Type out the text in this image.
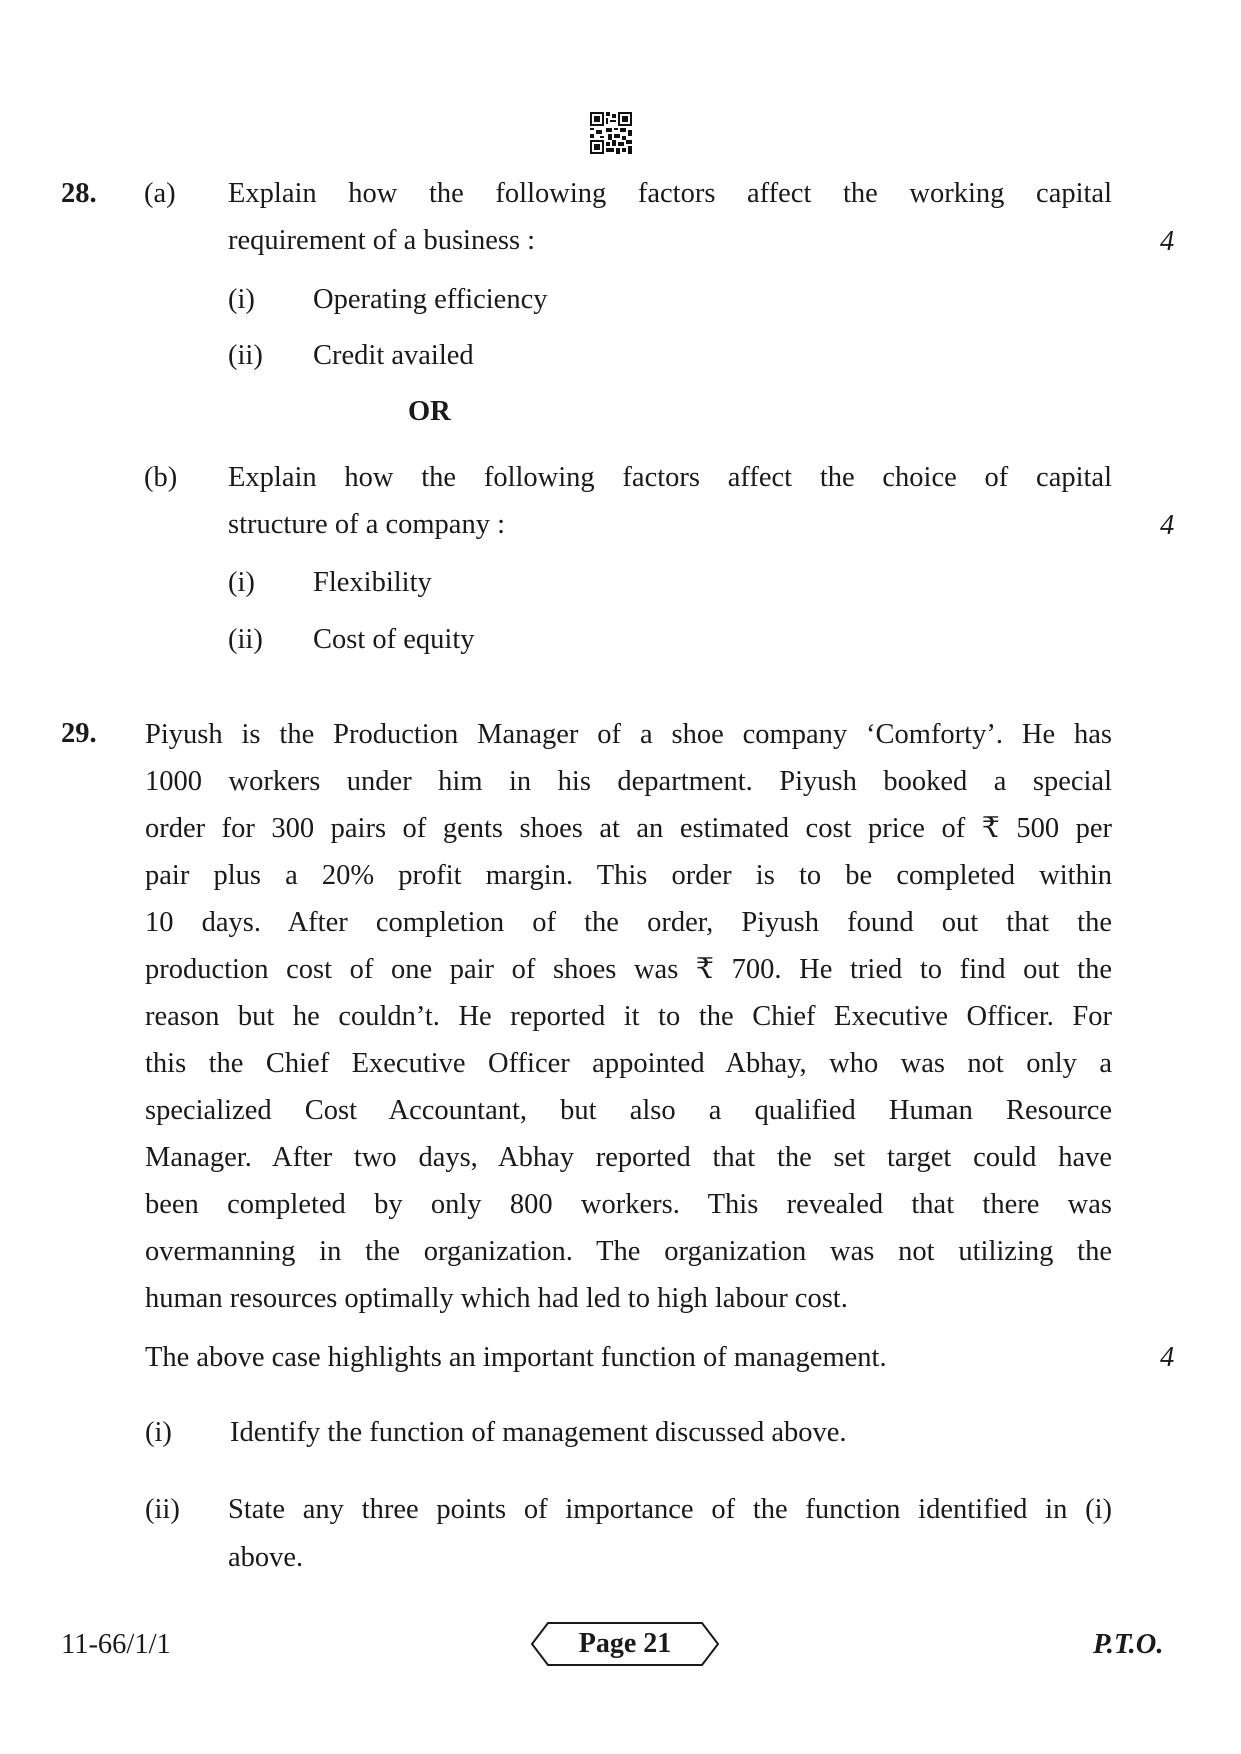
28. (a) Explain how the following factors affect the working capital
requirement of a business :	4
(i) Operating efficiency
(ii) Credit availed
OR
(b) Explain how the following factors affect the choice of capital
structure of a company :	4
(i) Flexibility
(ii) Cost of equity
29. Piyush is the Production Manager of a shoe company ‘Comforty’. He has
1000 workers under him in his department. Piyush booked a special
order for 300 pairs of gents shoes at an estimated cost price of ₹ 500 per
pair plus a 20% profit margin. This order is to be completed within
10 days. After completion of the order, Piyush found out that the
production cost of one pair of shoes was ₹ 700. He tried to find out the
reason but he couldn’t. He reported it to the Chief Executive Officer. For
this the Chief Executive Officer appointed Abhay, who was not only a
specialized Cost Accountant, but also a qualified Human Resource
Manager. After two days, Abhay reported that the set target could have
been completed by only 800 workers. This revealed that there was
overmanning in the organization. The organization was not utilizing the
human resources optimally which had led to high labour cost.
The above case highlights an important function of management.	4
(i) Identify the function of management discussed above.
(ii) State any three points of importance of the function identified in (i)
above.
11-66/1/1	Page 21	P.T.O.
